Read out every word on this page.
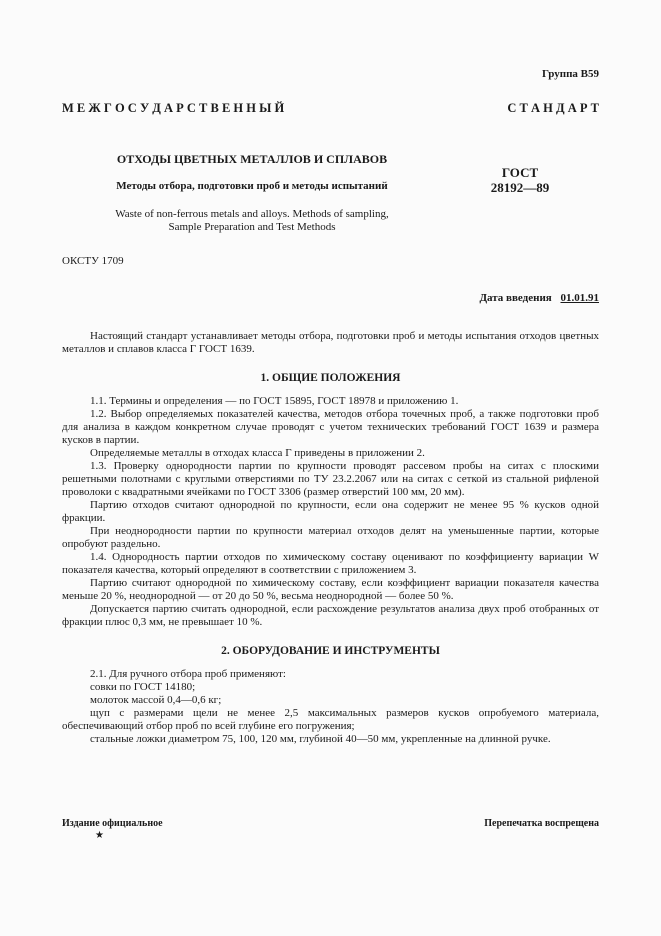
Группа В59
М Е Ж Г О С У Д А Р С Т В Е Н Н Ы Й	С Т А Н Д А Р Т
ОТХОДЫ ЦВЕТНЫХ МЕТАЛЛОВ И СПЛАВОВ
Методы отбора, подготовки проб и методы испытаний
Waste of non-ferrous metals and alloys. Methods of sampling,
Sample Preparation and Test Methods
ГОСТ
28192—89
ОКСТУ 1709
Дата введения 01.01.91

Настоящий стандарт устанавливает методы отбора, подготовки проб и методы испытания отходов цветных металлов и сплавов класса Г ГОСТ 1639.

1. ОБЩИЕ ПОЛОЖЕНИЯ

1.1. Термины и определения — по ГОСТ 15895, ГОСТ 18978 и приложению 1.

1.2. Выбор определяемых показателей качества, методов отбора точечных проб, а также подготовки проб для анализа в каждом конкретном случае проводят с учетом технических требований ГОСТ 1639 и размера кусков в партии.

Определяемые металлы в отходах класса Г приведены в приложении 2.

1.3. Проверку однородности партии по крупности проводят рассевом пробы на ситах с плоскими решетными полотнами с круглыми отверстиями по ТУ 23.2.2067 или на ситах с сеткой из стальной рифленой проволоки с квадратными ячейками по ГОСТ 3306 (размер отверстий 100 мм, 20 мм).

Партию отходов считают однородной по крупности, если она содержит не менее 95 % кусков одной фракции.

При неоднородности партии по крупности материал отходов делят на уменьшенные партии, которые опробуют раздельно.

1.4. Однородность партии отходов по химическому составу оценивают по коэффициенту вариации W показателя качества, который определяют в соответствии с приложением 3.

Партию считают однородной по химическому составу, если коэффициент вариации показателя качества меньше 20 %, неоднородной — от 20 до 50 %, весьма неоднородной — более 50 %.

Допускается партию считать однородной, если расхождение результатов анализа двух проб отобранных от фракции плюс 0,3 мм, не превышает 10 %.

2. ОБОРУДОВАНИЕ И ИНСТРУМЕНТЫ

2.1. Для ручного отбора проб применяют:

совки по ГОСТ 14180;

молоток массой 0,4—0,6 кг;

щуп с размерами щели не менее 2,5 максимальных размеров кусков опробуемого материала, обеспечивающий отбор проб по всей глубине его погружения;

стальные ложки диаметром 75, 100, 120 мм, глубиной 40—50 мм, укрепленные на длинной ручке.

Издание официальное
★
Перепечатка воспрещена
